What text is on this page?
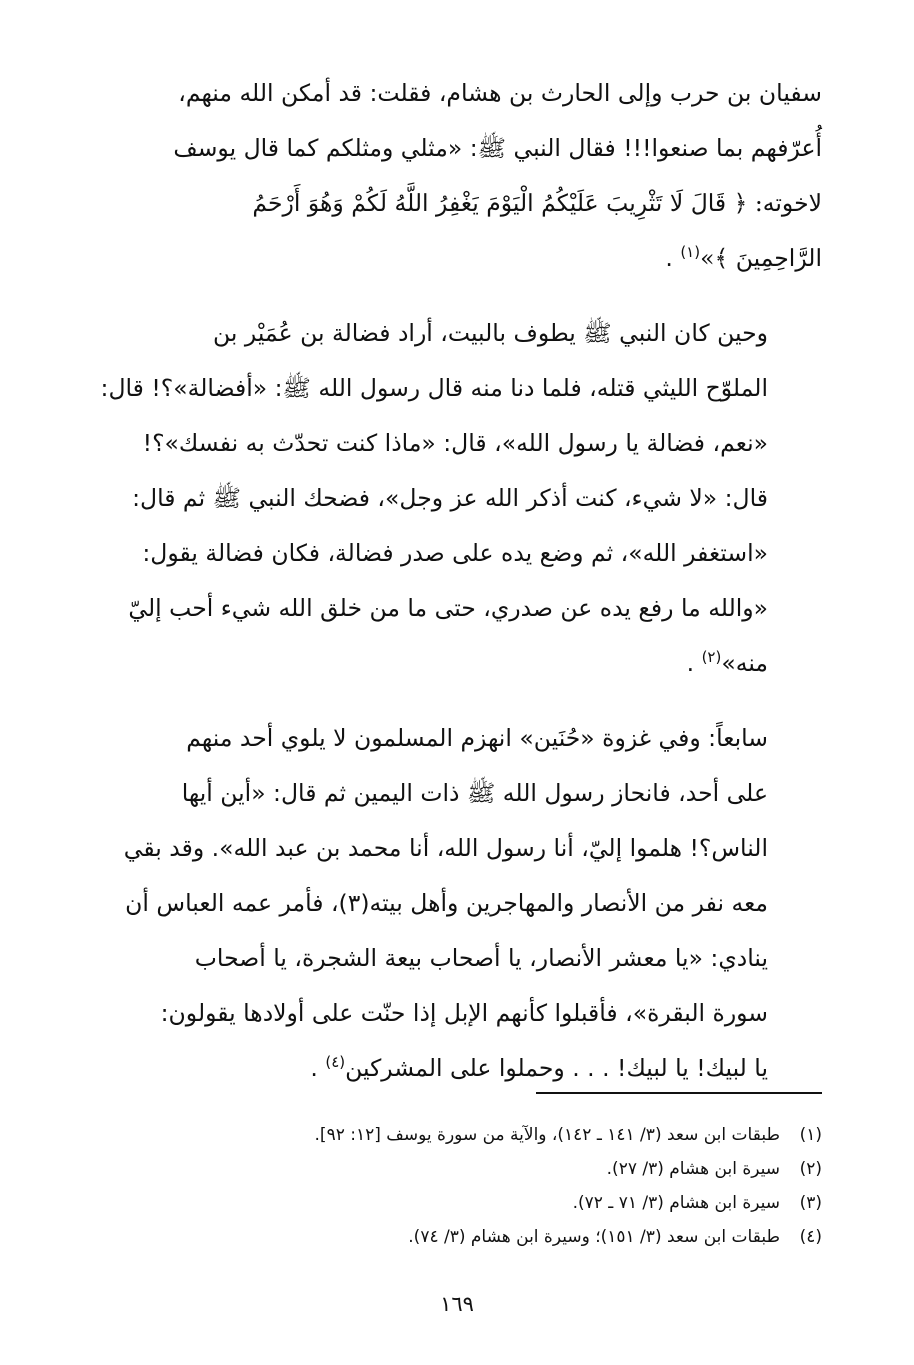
سفيان بن حرب وإلى الحارث بن هشام، فقلت: قد أمكن الله منهم،
أُعرّفهم بما صنعوا!!! فقال النبي ﷺ: «مثلي ومثلكم كما قال يوسف
لاخوته: ﴿ قَالَ لَا تَثْرِيبَ عَلَيْكُمُ الْيَوْمَ يَغْفِرُ اللَّهُ لَكُمْ وَهُوَ أَرْحَمُ
الرَّاحِمِينَ ﴾»$^{(١)}$ .

وحين كان النبي ﷺ يطوف بالبيت، أراد فضالة بن عُمَيْر بن
الملوّح الليثي قتله، فلما دنا منه قال رسول الله ﷺ: «أفضالة»؟! قال:
«نعم، فضالة يا رسول الله»، قال: «ماذا كنت تحدّث به نفسك»؟!
قال: «لا شيء، كنت أذكر الله عز وجل»، فضحك النبي ﷺ ثم قال:
«استغفر الله»، ثم وضع يده على صدر فضالة، فكان فضالة يقول:
«والله ما رفع يده عن صدري، حتى ما من خلق الله شيء أحب إليّ
منه»$^{(٢)}$ .

سابعاً: وفي غزوة «حُنَين» انهزم المسلمون لا يلوي أحد منهم
على أحد، فانحاز رسول الله ﷺ ذات اليمين ثم قال: «أين أيها
الناس؟! هلموا إليّ، أنا رسول الله، أنا محمد بن عبد الله». وقد بقي
معه نفر من الأنصار والمهاجرين وأهل بيته(٣)، فأمر عمه العباس أن
ينادي: «يا معشر الأنصار، يا أصحاب بيعة الشجرة، يا أصحاب
سورة البقرة»، فأقبلوا كأنهم الإبل إذا حنّت على أولادها يقولون:
يا لبيك! يا لبيك! . . . وحملوا على المشركين$^{(٤)}$ .

(١)طبقات ابن سعد (٣/ ١٤١ ـ ١٤٢)، والآية من سورة يوسف [١٢: ٩٢].
(٢)سيرة ابن هشام (٣/ ٢٧).
(٣)سيرة ابن هشام (٣/ ٧١ ـ ٧٢).
(٤)طبقات ابن سعد (٣/ ١٥١)؛ وسيرة ابن هشام (٣/ ٧٤).
١٦٩
